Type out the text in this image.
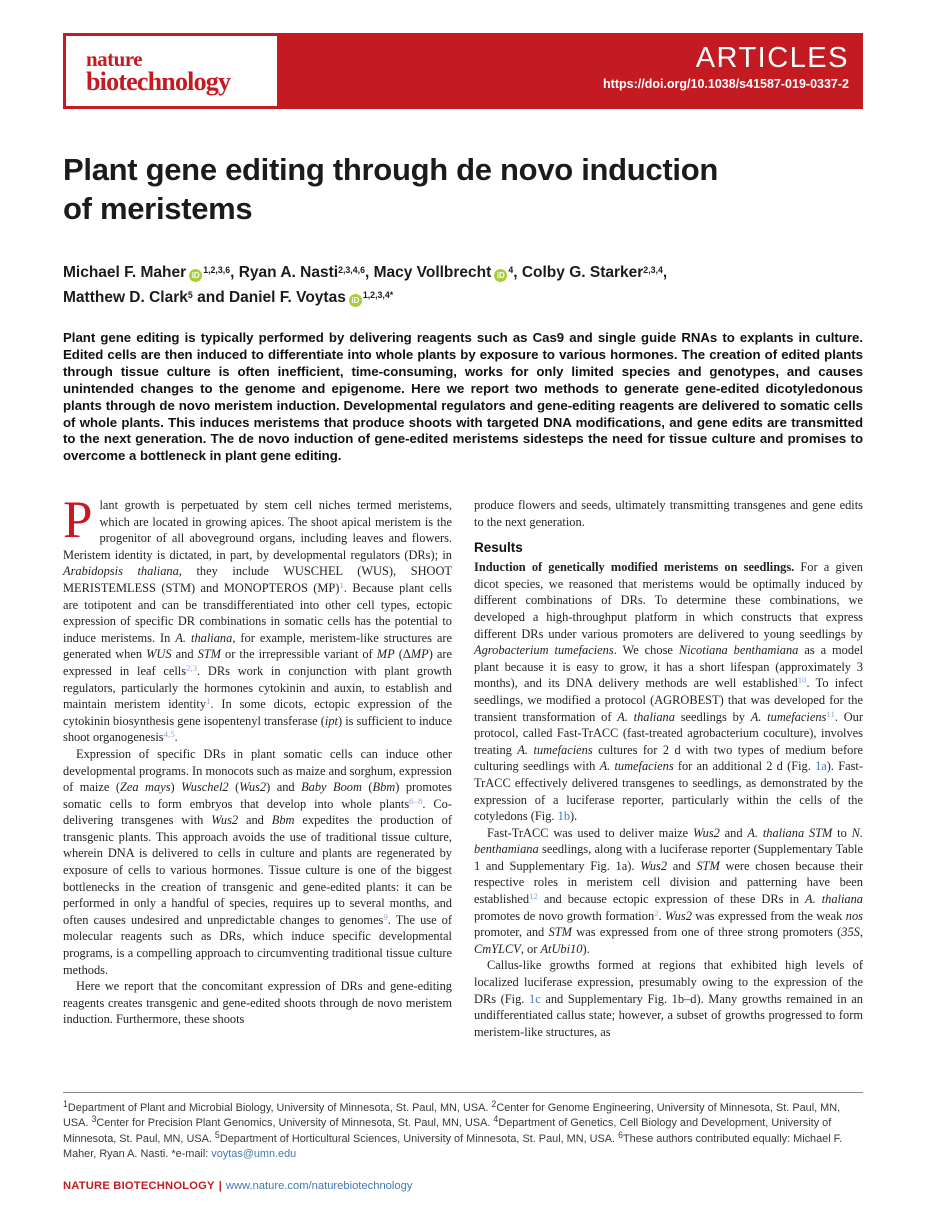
nature
biotechnology
ARTICLES
https://doi.org/10.1038/s41587-019-0337-2
Plant gene editing through de novo induction
of meristems
Michael F. Maher iD$^{1,2,3,6}$, Ryan A. Nasti$^{2,3,4,6}$, Macy Vollbrecht $iD^4$, Colby G. Starker$^{2,3,4}$,
Matthew D. Clark$^5$ and Daniel F. Voytas $iD^{1,2,3,4*}$

Plant gene editing is typically performed by delivering reagents such as Cas9 and single guide RNAs to explants in culture. Edited cells are then induced to differentiate into whole plants by exposure to various hormones. The creation of edited plants through tissue culture is often inefficient, time-consuming, works for only limited species and genotypes, and causes unintended changes to the genome and epigenome. Here we report two methods to generate gene-edited dicotyledonous plants through de novo meristem induction. Developmental regulators and gene-editing reagents are delivered to somatic cells of whole plants. This induces meristems that produce shoots with targeted DNA modifications, and gene edits are transmitted to the next generation. The de novo induction of gene-edited meristems sidesteps the need for tissue culture and promises to overcome a bottleneck in plant gene editing.

Plant growth is perpetuated by stem cell niches termed meristems, which are located in growing apices. The shoot apical meristem is the progenitor of all aboveground organs, including leaves and flowers. Meristem identity is dictated, in part, by developmental regulators (DRs); in Arabidopsis thaliana, they include WUSCHEL (WUS), SHOOT MERISTEMLESS (STM) and MONOPTEROS (MP)$^1$. Because plant cells are totipotent and can be transdifferentiated into other cell types, ectopic expression of specific DR combinations in somatic cells has the potential to induce meristems. In A. thaliana, for example, meristem-like structures are generated when WUS and STM or the irrepressible variant of MP (ΔMP) are expressed in leaf cells$^{2,3}$. DRs work in conjunction with plant growth regulators, particularly the hormones cytokinin and auxin, to establish and maintain meristem identity$^1$. In some dicots, ectopic expression of the cytokinin biosynthesis gene isopentenyl transferase (ipt) is sufficient to induce shoot organogenesis$^{4,5}$.

Expression of specific DRs in plant somatic cells can induce other developmental programs. In monocots such as maize and sorghum, expression of maize (Zea mays) Wuschel2 (Wus2) and Baby Boom (Bbm) promotes somatic cells to form embryos that develop into whole plants$^{6-8}$. Co-delivering transgenes with Wus2 and Bbm expedites the production of transgenic plants. This approach avoids the use of traditional tissue culture, wherein DNA is delivered to cells in culture and plants are regenerated by exposure of cells to various hormones. Tissue culture is one of the biggest bottlenecks in the creation of transgenic and gene-edited plants: it can be performed in only a handful of species, requires up to several months, and often causes undesired and unpredictable changes to genomes$^9$. The use of molecular reagents such as DRs, which induce specific developmental programs, is a compelling approach to circumventing traditional tissue culture methods.

Here we report that the concomitant expression of DRs and gene-editing reagents creates transgenic and gene-edited shoots through de novo meristem induction. Furthermore, these shoots

produce flowers and seeds, ultimately transmitting transgenes and gene edits to the next generation.

Results

Induction of genetically modified meristems on seedlings. For a given dicot species, we reasoned that meristems would be optimally induced by different combinations of DRs. To determine these combinations, we developed a high-throughput platform in which constructs that express different DRs under various promoters are delivered to young seedlings by Agrobacterium tumefaciens. We chose Nicotiana benthamiana as a model plant because it is easy to grow, it has a short lifespan (approximately 3 months), and its DNA delivery methods are well established$^{10}$. To infect seedlings, we modified a protocol (AGROBEST) that was developed for the transient transformation of A. thaliana seedlings by A. tumefaciens$^{11}$. Our protocol, called Fast-TrACC (fast-treated agrobacterium coculture), involves treating A. tumefaciens cultures for 2 d with two types of medium before culturing seedlings with A. tumefaciens for an additional 2 d (Fig. 1a). Fast-TrACC effectively delivered transgenes to seedlings, as demonstrated by the expression of a luciferase reporter, particularly within the cells of the cotyledons (Fig. 1b).

Fast-TrACC was used to deliver maize Wus2 and A. thaliana STM to N. benthamiana seedlings, along with a luciferase reporter (Supplementary Table 1 and Supplementary Fig. 1a). Wus2 and STM were chosen because their respective roles in meristem cell division and patterning have been established$^{12}$ and because ectopic expression of these DRs in A. thaliana promotes de novo growth formation$^2$. Wus2 was expressed from the weak nos promoter, and STM was expressed from one of three strong promoters (35S, CmYLCV, or AtUbi10).

Callus-like growths formed at regions that exhibited high levels of localized luciferase expression, presumably owing to the expression of the DRs (Fig. 1c and Supplementary Fig. 1b–d). Many growths remained in an undifferentiated callus state; however, a subset of growths progressed to form meristem-like structures, as

$^1$Department of Plant and Microbial Biology, University of Minnesota, St. Paul, MN, USA. $^2$Center for Genome Engineering, University of Minnesota, St. Paul, MN, USA. $^3$Center for Precision Plant Genomics, University of Minnesota, St. Paul, MN, USA. $^4$Department of Genetics, Cell Biology and Development, University of Minnesota, St. Paul, MN, USA. $^5$Department of Horticultural Sciences, University of Minnesota, St. Paul, MN, USA. $^6$These authors contributed equally: Michael F. Maher, Ryan A. Nasti. *e-mail: voytas@umn.edu

NATURE BIOTECHNOLOGY | www.nature.com/naturebiotechnology
